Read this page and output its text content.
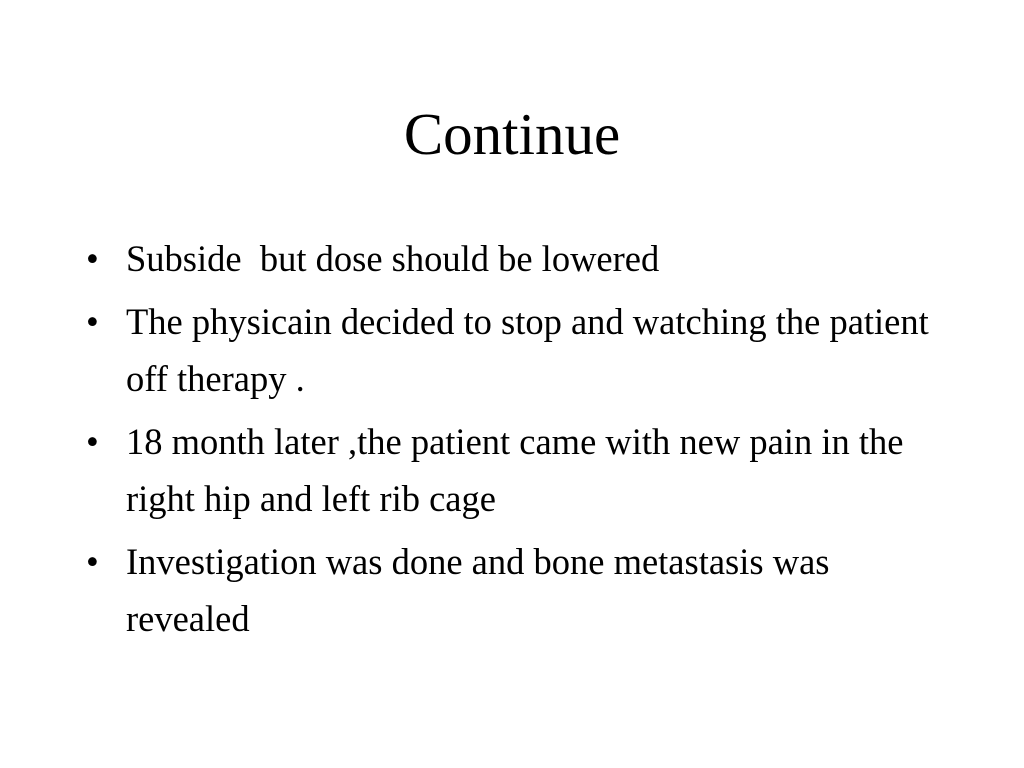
Continue
• Subside  but dose should be lowered
• The physicain decided to stop and watching the patient off therapy .
• 18 month later ,the patient came with new pain in the right hip and left rib cage
• Investigation was done and bone metastasis was revealed
